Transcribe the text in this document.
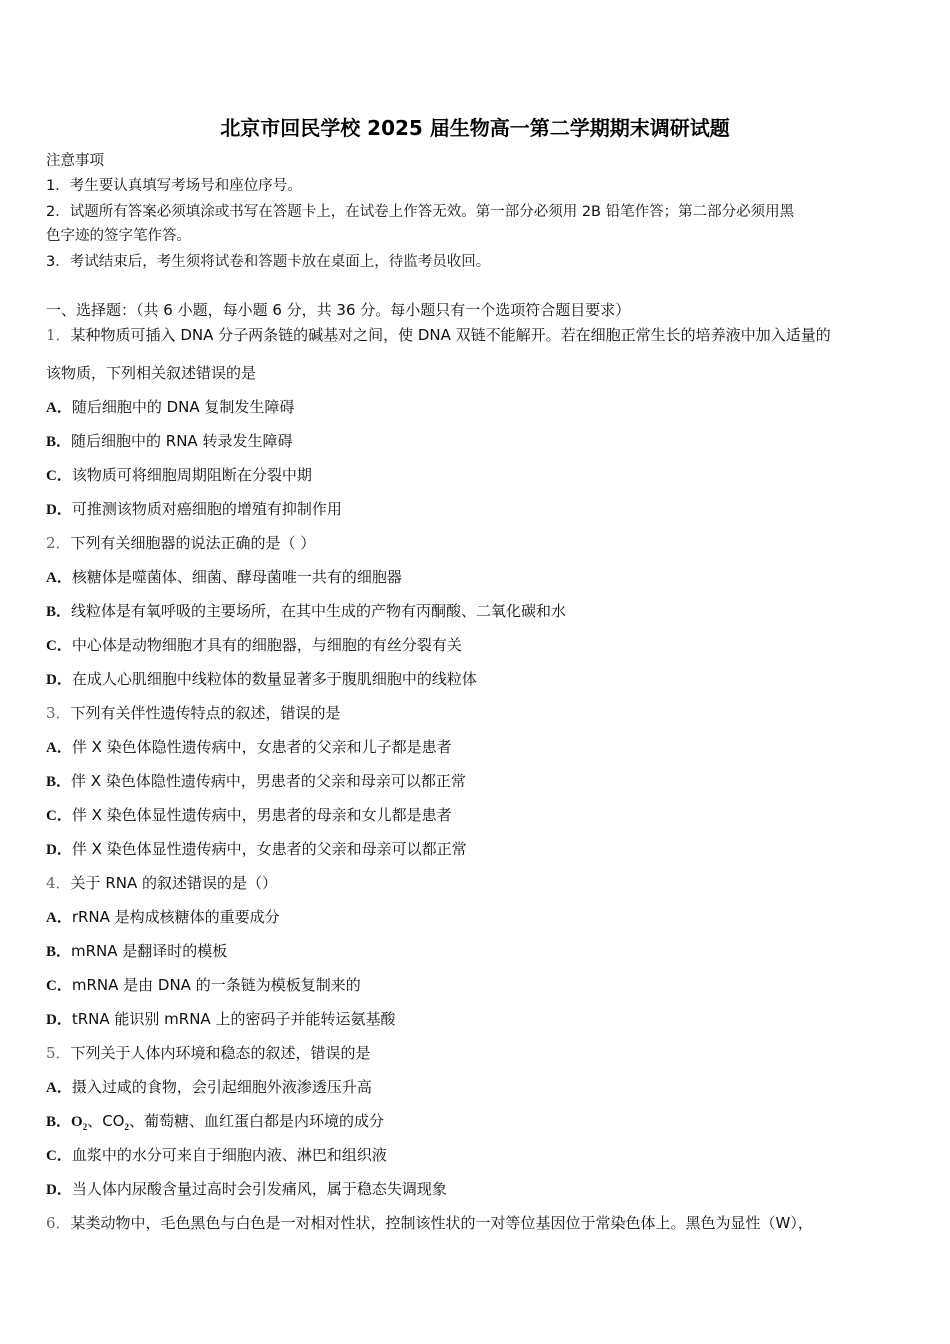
北京市回民学校 2025 届生物高一第二学期期末调研试题
注意事项
1．考生要认真填写考场号和座位序号。
2．试题所有答案必须填涂或书写在答题卡上，在试卷上作答无效。第一部分必须用 2B 铅笔作答；第二部分必须用黑
色字迹的签字笔作答。
3．考试结束后，考生须将试卷和答题卡放在桌面上，待监考员收回。
一、选择题：（共 6 小题，每小题 6 分，共 36 分。每小题只有一个选项符合题目要求）
1．某种物质可插入 DNA 分子两条链的碱基对之间，使 DNA 双链不能解开。若在细胞正常生长的培养液中加入适量的
该物质，下列相关叙述错误的是
A．随后细胞中的 DNA 复制发生障碍
B．随后细胞中的 RNA 转录发生障碍
C．该物质可将细胞周期阻断在分裂中期
D．可推测该物质对癌细胞的增殖有抑制作用
2．下列有关细胞器的说法正确的是（ ）
A．核糖体是噬菌体、细菌、酵母菌唯一共有的细胞器
B．线粒体是有氧呼吸的主要场所，在其中生成的产物有丙酮酸、二氧化碳和水
C．中心体是动物细胞才具有的细胞器，与细胞的有丝分裂有关
D．在成人心肌细胞中线粒体的数量显著多于腹肌细胞中的线粒体
3．下列有关伴性遗传特点的叙述，错误的是
A．伴 X 染色体隐性遗传病中，女患者的父亲和儿子都是患者
B．伴 X 染色体隐性遗传病中，男患者的父亲和母亲可以都正常
C．伴 X 染色体显性遗传病中，男患者的母亲和女儿都是患者
D．伴 X 染色体显性遗传病中，女患者的父亲和母亲可以都正常
4．关于 RNA 的叙述错误的是（）
A．rRNA 是构成核糖体的重要成分
B．mRNA 是翻译时的模板
C．mRNA 是由 DNA 的一条链为模板复制来的
D．tRNA 能识别 mRNA 上的密码子并能转运氨基酸
5．下列关于人体内环境和稳态的叙述，错误的是
A．摄入过咸的食物，会引起细胞外液渗透压升高
B．$O_2$、$CO_2$、葡萄糖、血红蛋白都是内环境的成分
C．血浆中的水分可来自于细胞内液、淋巴和组织液
D．当人体内尿酸含量过高时会引发痛风，属于稳态失调现象
6．某类动物中，毛色黑色与白色是一对相对性状，控制该性状的一对等位基因位于常染色体上。黑色为显性（W），
